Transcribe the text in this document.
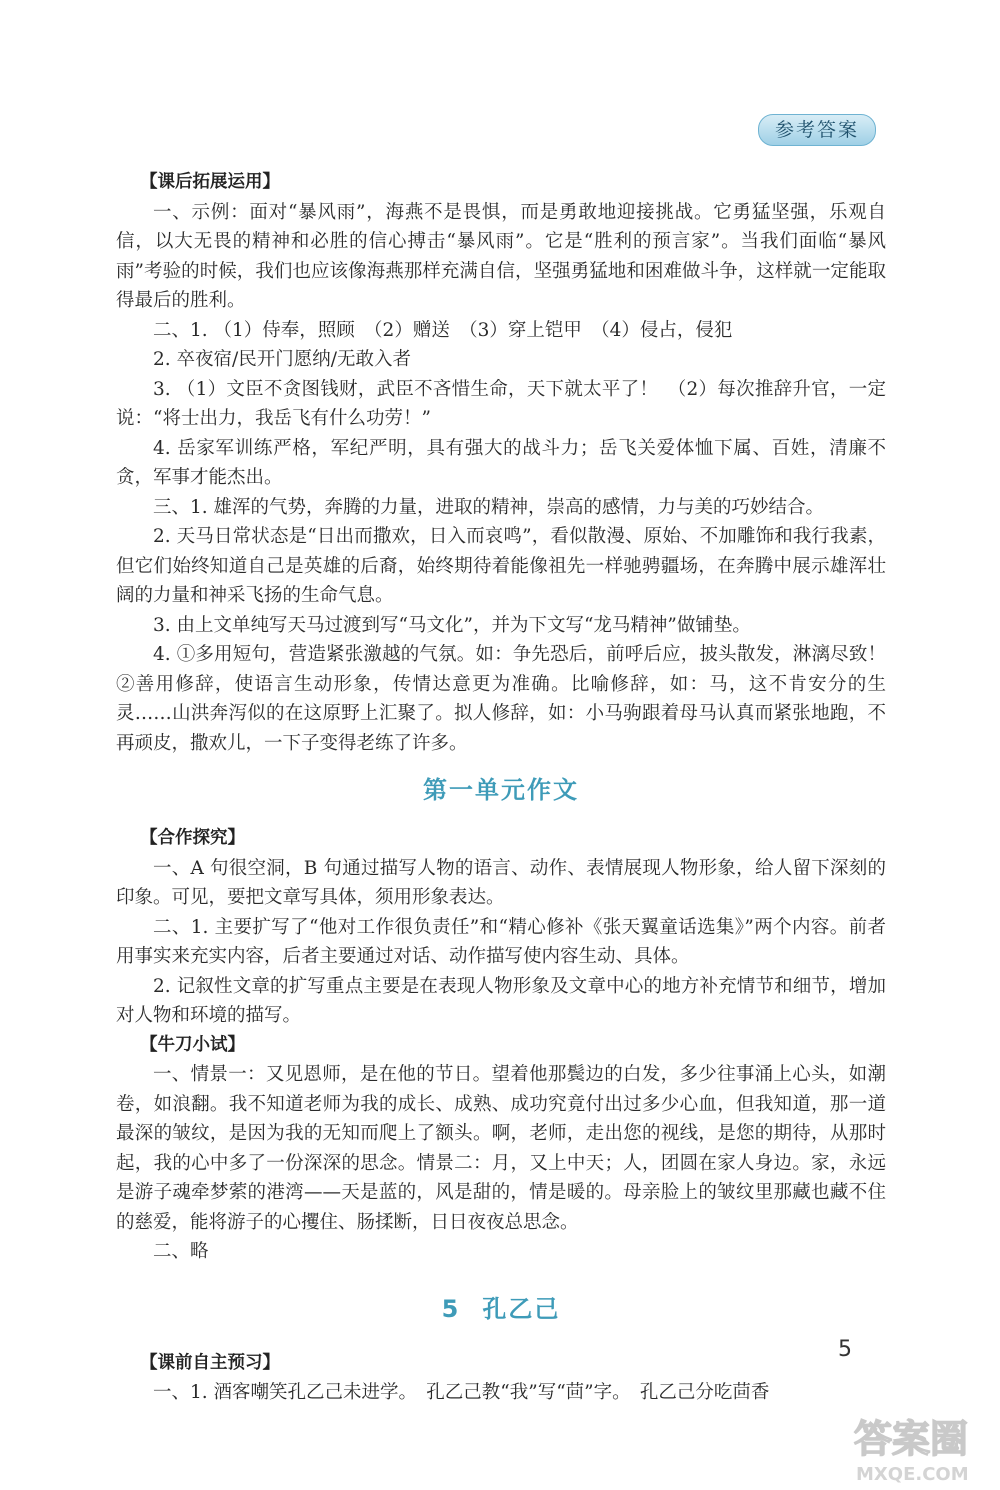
参考答案

【课后拓展运用】

一、示例：面对“暴风雨”，海燕不是畏惧，而是勇敢地迎接挑战。它勇猛坚强，乐观自信，以大无畏的精神和必胜的信心搏击“暴风雨”。它是“胜利的预言家”。当我们面临“暴风雨”考验的时候，我们也应该像海燕那样充满自信，坚强勇猛地和困难做斗争，这样就一定能取得最后的胜利。

二、1. （1）侍奉，照顾　（2）赠送　（3）穿上铠甲　（4）侵占，侵犯

2. 卒夜宿/民开门愿纳/无敢入者

3. （1）文臣不贪图钱财，武臣不吝惜生命，天下就太平了！　（2）每次推辞升官，一定说：“将士出力，我岳飞有什么功劳！”

4. 岳家军训练严格，军纪严明，具有强大的战斗力；岳飞关爱体恤下属、百姓，清廉不贪，军事才能杰出。

三、1. 雄浑的气势，奔腾的力量，进取的精神，崇高的感情，力与美的巧妙结合。

2. 天马日常状态是“日出而撒欢，日入而哀鸣”，看似散漫、原始、不加雕饰和我行我素，但它们始终知道自己是英雄的后裔，始终期待着能像祖先一样驰骋疆场，在奔腾中展示雄浑壮阔的力量和神采飞扬的生命气息。

3. 由上文单纯写天马过渡到写“马文化”，并为下文写“龙马精神”做铺垫。

4. ①多用短句，营造紧张激越的气氛。如：争先恐后，前呼后应，披头散发，淋漓尽致！②善用修辞，使语言生动形象，传情达意更为准确。比喻修辞，如：马，这不肯安分的生灵……山洪奔泻似的在这原野上汇聚了。拟人修辞，如：小马驹跟着母马认真而紧张地跑，不再顽皮，撒欢儿，一下子变得老练了许多。

第一单元作文

【合作探究】

一、A 句很空洞，B 句通过描写人物的语言、动作、表情展现人物形象，给人留下深刻的印象。可见，要把文章写具体，须用形象表达。

二、1. 主要扩写了“他对工作很负责任”和“精心修补《张天翼童话选集》”两个内容。前者用事实来充实内容，后者主要通过对话、动作描写使内容生动、具体。

2. 记叙性文章的扩写重点主要是在表现人物形象及文章中心的地方补充情节和细节，增加对人物和环境的描写。

【牛刀小试】

一、情景一：又见恩师，是在他的节日。望着他那鬓边的白发，多少往事涌上心头，如潮卷，如浪翻。我不知道老师为我的成长、成熟、成功究竟付出过多少心血，但我知道，那一道最深的皱纹，是因为我的无知而爬上了额头。啊，老师，走出您的视线，是您的期待，从那时起，我的心中多了一份深深的思念。情景二：月，又上中天；人，团圆在家人身边。家，永远是游子魂牵梦萦的港湾——天是蓝的，风是甜的，情是暖的。母亲脸上的皱纹里那藏也藏不住的慈爱，能将游子的心攫住、肠揉断，日日夜夜总思念。

二、略

5 孔乙己

【课前自主预习】

一、1. 酒客嘲笑孔乙己未进学。　孔乙己教“我”写“茴”字。　孔乙己分吃茴香

5
答案圈
MXQE.COM
